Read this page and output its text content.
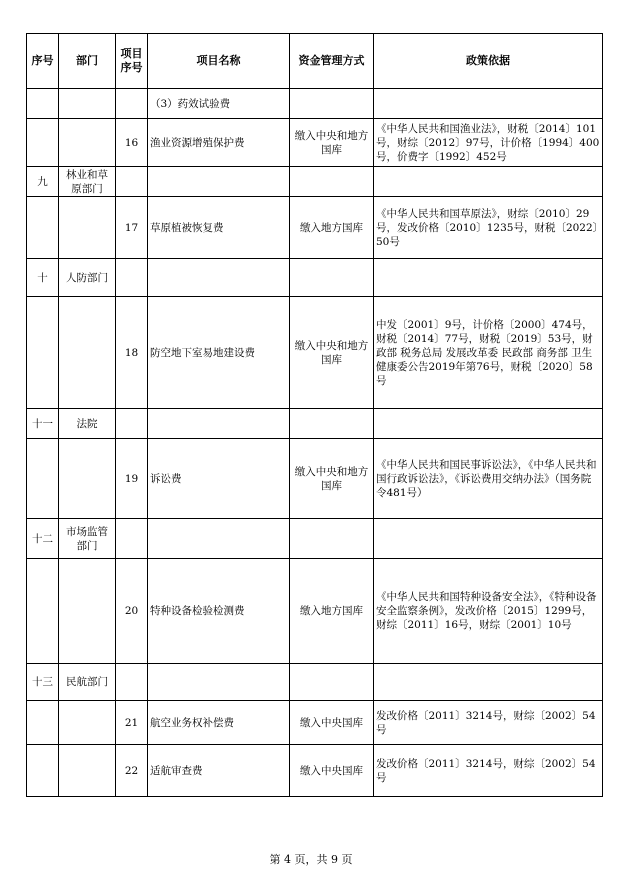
序号	部门	项目序号	项目名称	资金管理方式	政策依据
			（3）药效试验费		
		16	渔业资源增殖保护费	缴入中央和地方国库	《中华人民共和国渔业法》，财税〔2014〕101号，财综〔2012〕97号，计价格〔1994〕400号，价费字〔1992〕452号
九	林业和草原部门				
		17	草原植被恢复费	缴入地方国库	《中华人民共和国草原法》，财综〔2010〕29号，发改价格〔2010〕1235号，财税〔2022〕50号
十	人防部门				
		18	防空地下室易地建设费	缴入中央和地方国库	中发〔2001〕9号，计价格〔2000〕474号，财税〔2014〕77号，财税〔2019〕53号，财政部 税务总局 发展改革委 民政部 商务部 卫生健康委公告2019年第76号，财税〔2020〕58号
十一	法院				
		19	诉讼费	缴入中央和地方国库	《中华人民共和国民事诉讼法》，《中华人民共和国行政诉讼法》，《诉讼费用交纳办法》（国务院令481号）
十二	市场监管部门				
		20	特种设备检验检测费	缴入地方国库	《中华人民共和国特种设备安全法》，《特种设备安全监察条例》，发改价格〔2015〕1299号，财综〔2011〕16号，财综〔2001〕10号
十三	民航部门				
		21	航空业务权补偿费	缴入中央国库	发改价格〔2011〕3214号，财综〔2002〕54号
		22	适航审查费	缴入中央国库	发改价格〔2011〕3214号，财综〔2002〕54号
第 4 页，共 9 页
